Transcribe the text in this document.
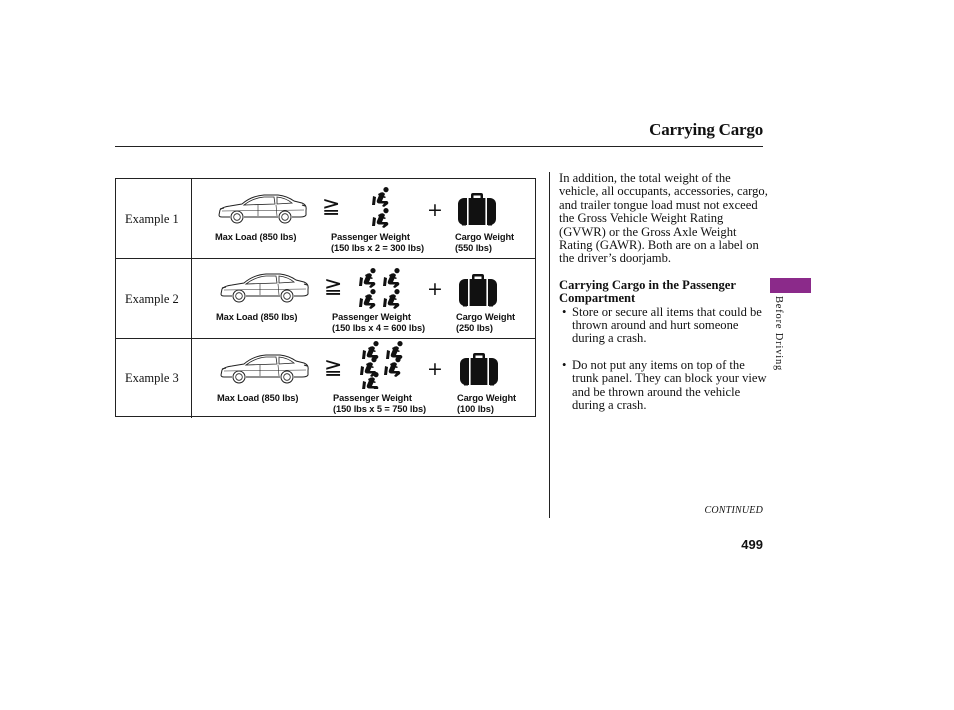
Carrying Cargo
Example 1
Max Load (850 lbs)
≧
Passenger Weight
(150 lbs x 2 = 300 lbs)
+
Cargo Weight
(550 lbs)
Example 2
Max Load (850 lbs)
≧
Passenger Weight
(150 lbs x 4 = 600 lbs)
+
Cargo Weight
(250 lbs)
Example 3
Max Load (850 lbs)
≧
Passenger Weight
(150 lbs x 5 = 750 lbs)
+
Cargo Weight
(100 lbs)

In addition, the total weight of the vehicle, all occupants, accessories, cargo, and trailer tongue load must not exceed the Gross Vehicle Weight Rating (GVWR) or the Gross Axle Weight Rating (GAWR). Both are on a label on the driver’s doorjamb.

Carrying Cargo in the Passenger Compartment

• Store or secure all items that could be thrown around and hurt someone during a crash.

• Do not put any items on top of the trunk panel. They can block your view and be thrown around the vehicle during a crash.

Before Driving
CONTINUED
499
